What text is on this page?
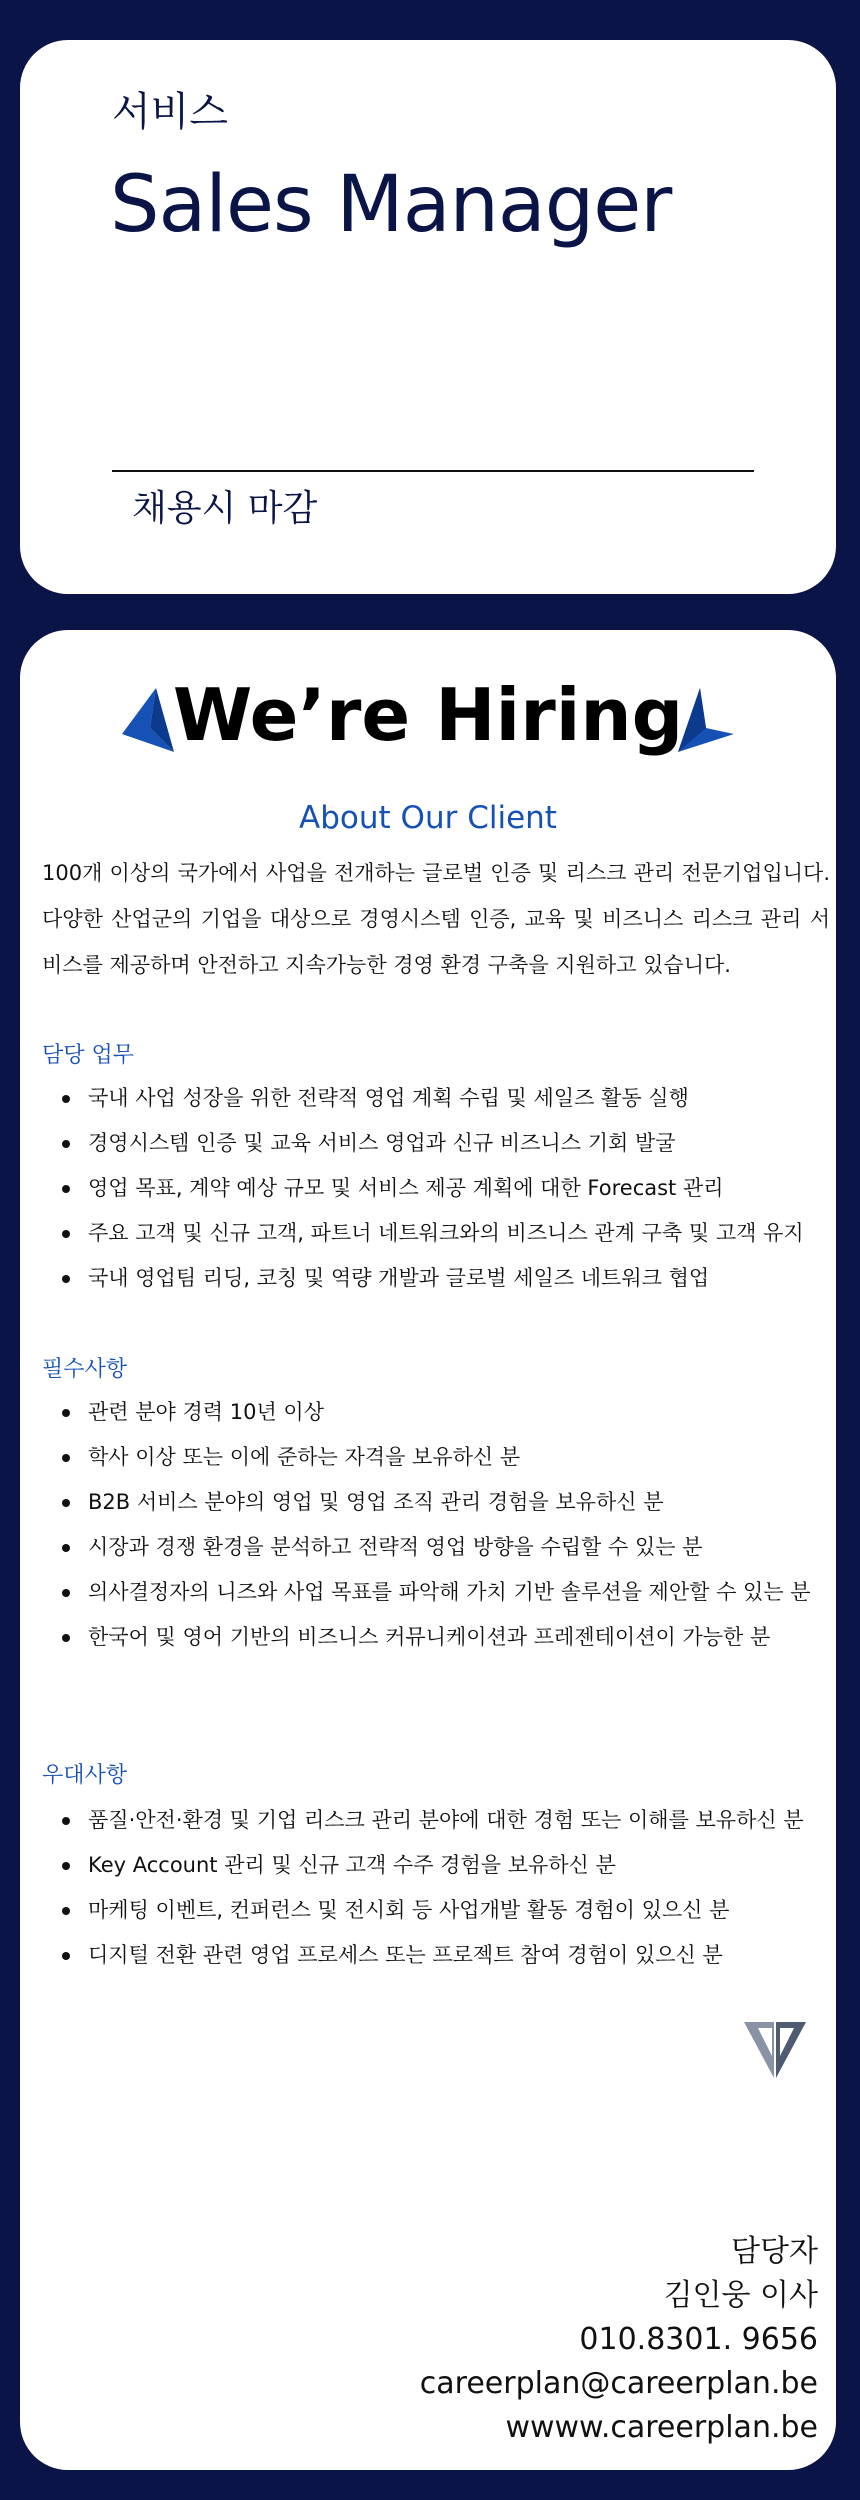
서비스
Sales Manager
채용시 마감
We’re Hiring
About Our Client
100개 이상의 국가에서 사업을 전개하는 글로벌 인증 및 리스크 관리 전문기업입니다. 다양한 산업군의 기업을 대상으로 경영시스템 인증, 교육 및 비즈니스 리스크 관리 서비스를 제공하며 안전하고 지속가능한 경영 환경 구축을 지원하고 있습니다.
담당 업무
국내 사업 성장을 위한 전략적 영업 계획 수립 및 세일즈 활동 실행
경영시스템 인증 및 교육 서비스 영업과 신규 비즈니스 기회 발굴
영업 목표, 계약 예상 규모 및 서비스 제공 계획에 대한 Forecast 관리
주요 고객 및 신규 고객, 파트너 네트워크와의 비즈니스 관계 구축 및 고객 유지
국내 영업팀 리딩, 코칭 및 역량 개발과 글로벌 세일즈 네트워크 협업
필수사항
관련 분야 경력 10년 이상
학사 이상 또는 이에 준하는 자격을 보유하신 분
B2B 서비스 분야의 영업 및 영업 조직 관리 경험을 보유하신 분
시장과 경쟁 환경을 분석하고 전략적 영업 방향을 수립할 수 있는 분
의사결정자의 니즈와 사업 목표를 파악해 가치 기반 솔루션을 제안할 수 있는 분
한국어 및 영어 기반의 비즈니스 커뮤니케이션과 프레젠테이션이 가능한 분
우대사항
품질·안전·환경 및 기업 리스크 관리 분야에 대한 경험 또는 이해를 보유하신 분
Key Account 관리 및 신규 고객 수주 경험을 보유하신 분
마케팅 이벤트, 컨퍼런스 및 전시회 등 사업개발 활동 경험이 있으신 분
디지털 전환 관련 영업 프로세스 또는 프로젝트 참여 경험이 있으신 분
담당자
김인웅 이사
010.8301. 9656
careerplan@careerplan.be
wwww.careerplan.be
